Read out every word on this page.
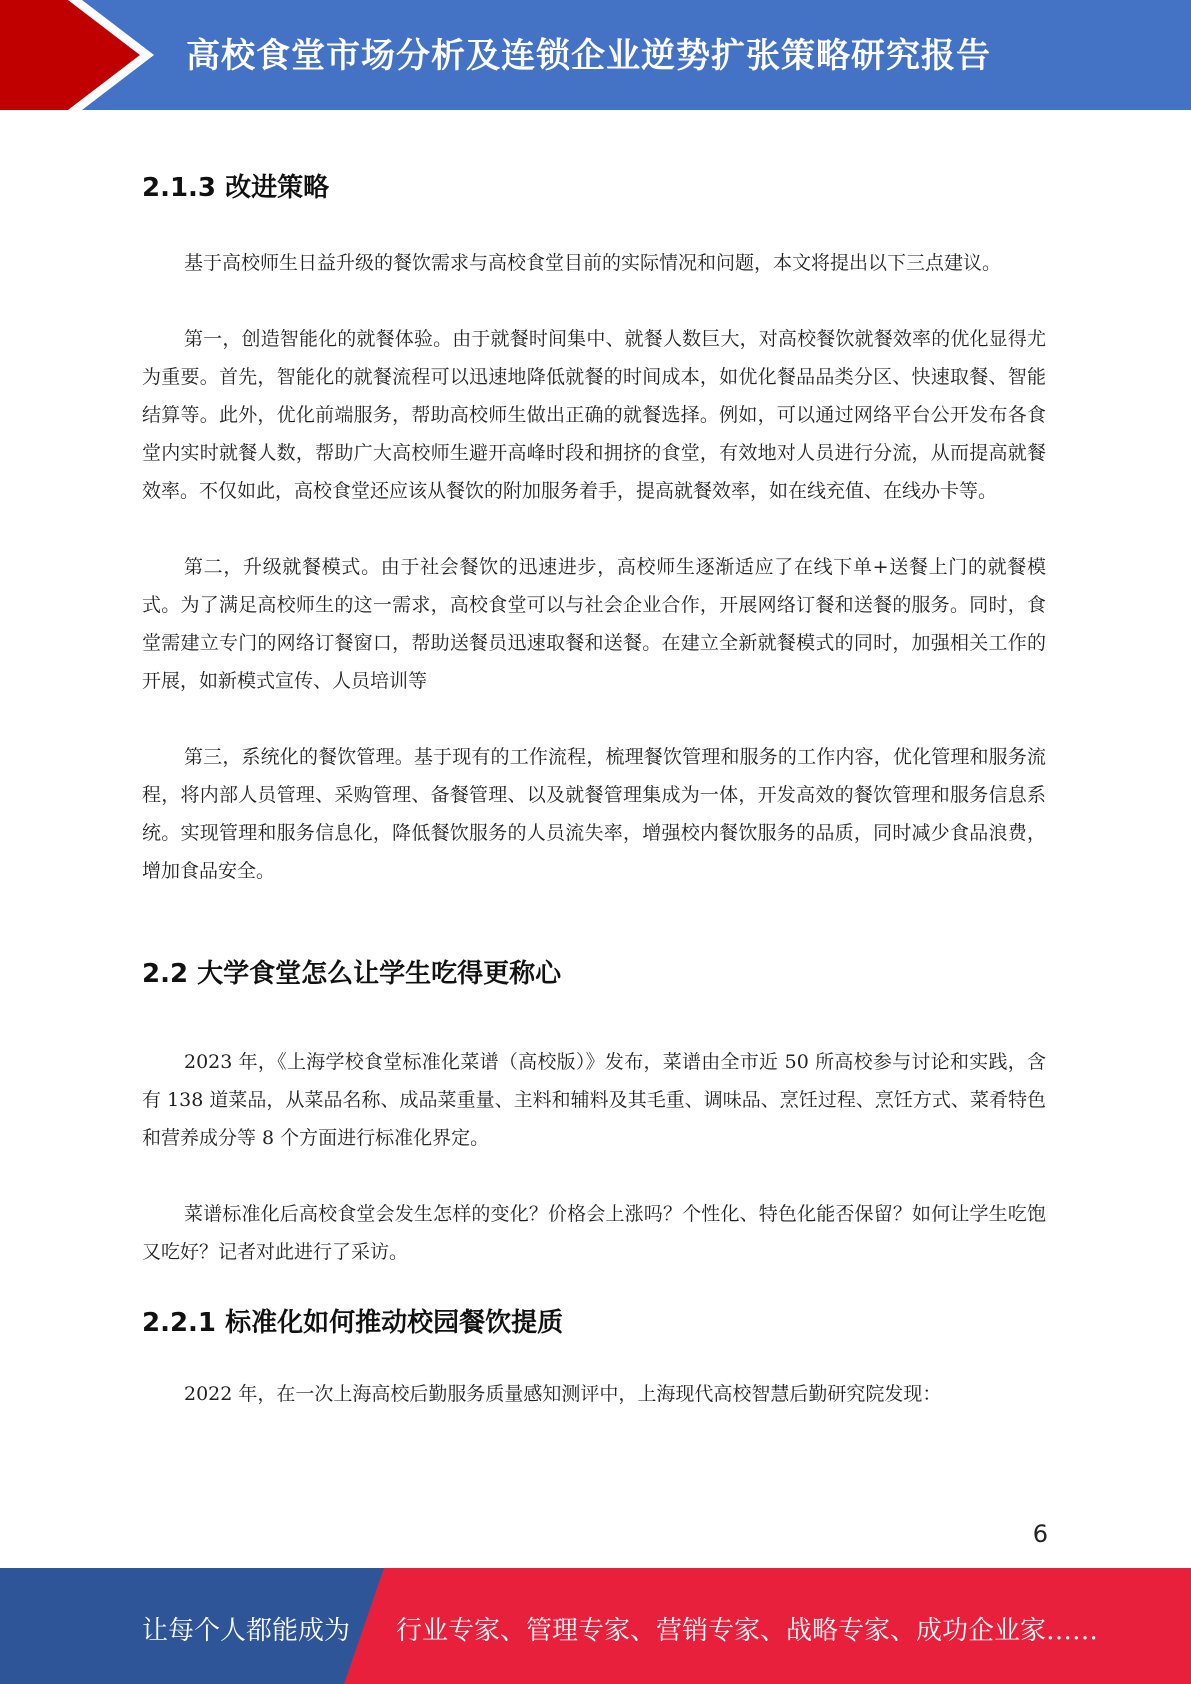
高校食堂市场分析及连锁企业逆势扩张策略研究报告
2.1.3 改进策略

基于高校师生日益升级的餐饮需求与高校食堂目前的实际情况和问题，本文将提出以下三点建议。

第一，创造智能化的就餐体验。由于就餐时间集中、就餐人数巨大，对高校餐饮就餐效率的优化显得尤为重要。首先，智能化的就餐流程可以迅速地降低就餐的时间成本，如优化餐品品类分区、快速取餐、智能结算等。此外，优化前端服务，帮助高校师生做出正确的就餐选择。例如，可以通过网络平台公开发布各食堂内实时就餐人数，帮助广大高校师生避开高峰时段和拥挤的食堂，有效地对人员进行分流，从而提高就餐效率。不仅如此，高校食堂还应该从餐饮的附加服务着手，提高就餐效率，如在线充值、在线办卡等。

第二，升级就餐模式。由于社会餐饮的迅速进步，高校师生逐渐适应了在线下单+送餐上门的就餐模式。为了满足高校师生的这一需求，高校食堂可以与社会企业合作，开展网络订餐和送餐的服务。同时，食堂需建立专门的网络订餐窗口，帮助送餐员迅速取餐和送餐。在建立全新就餐模式的同时，加强相关工作的开展，如新模式宣传、人员培训等

第三，系统化的餐饮管理。基于现有的工作流程，梳理餐饮管理和服务的工作内容，优化管理和服务流程，将内部人员管理、采购管理、备餐管理、以及就餐管理集成为一体，开发高效的餐饮管理和服务信息系统。实现管理和服务信息化，降低餐饮服务的人员流失率，增强校内餐饮服务的品质，同时减少食品浪费，增加食品安全。

2.2 大学食堂怎么让学生吃得更称心

2023 年，《上海学校食堂标准化菜谱（高校版）》发布，菜谱由全市近 50 所高校参与讨论和实践，含有 138 道菜品，从菜品名称、成品菜重量、主料和辅料及其毛重、调味品、烹饪过程、烹饪方式、菜肴特色和营养成分等 8 个方面进行标准化界定。

菜谱标准化后高校食堂会发生怎样的变化？价格会上涨吗？个性化、特色化能否保留？如何让学生吃饱又吃好？记者对此进行了采访。

2.2.1 标准化如何推动校园餐饮提质

2022 年，在一次上海高校后勤服务质量感知测评中，上海现代高校智慧后勤研究院发现：

6
让每个人都能成为 行业专家、管理专家、营销专家、战略专家、成功企业家……
